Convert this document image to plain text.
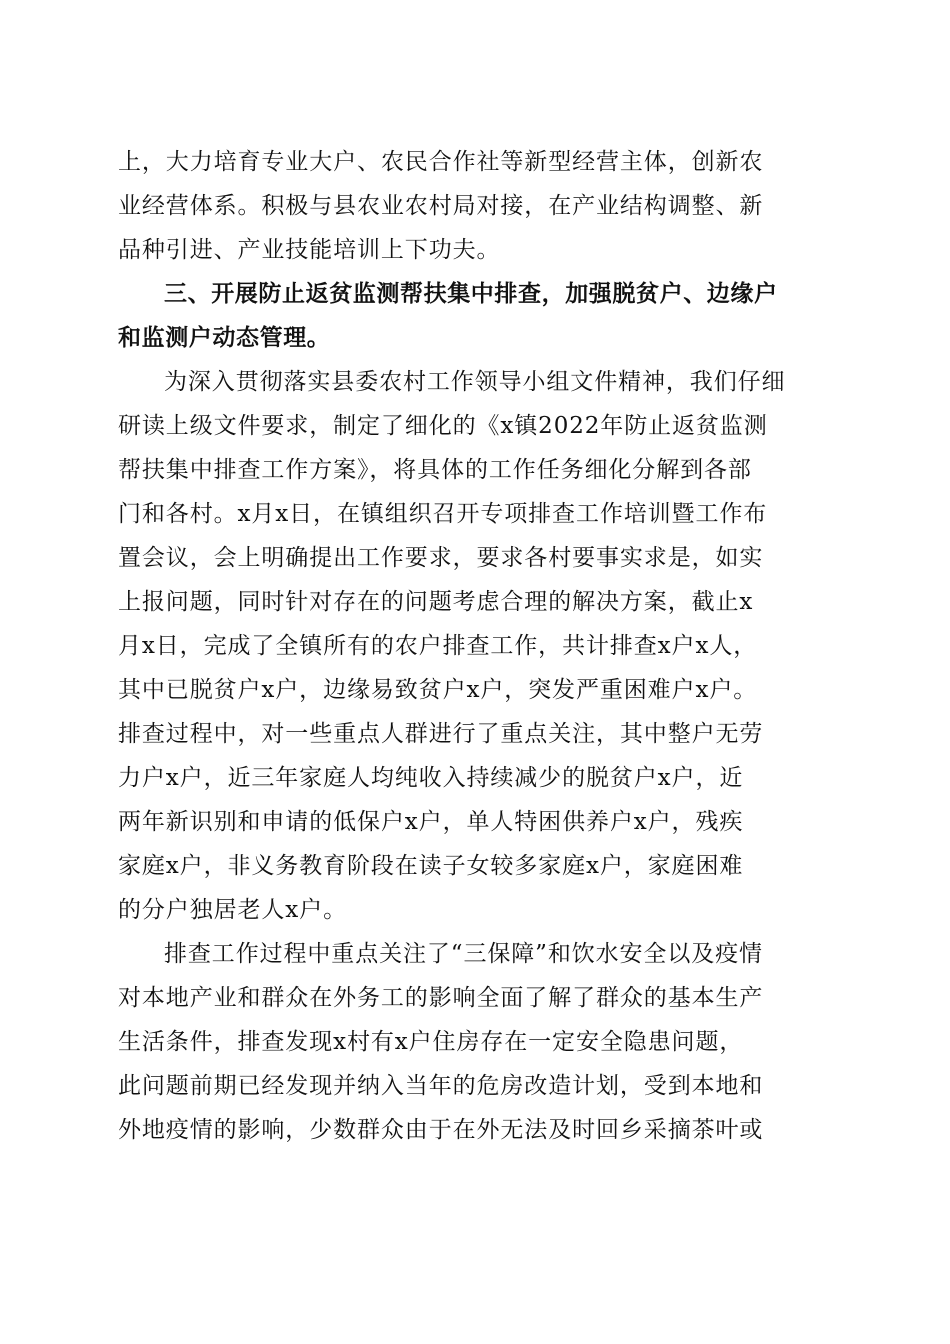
上，大力培育专业大户、农民合作社等新型经营主体，创新农
业经营体系。积极与县农业农村局对接，在产业结构调整、新
品种引进、产业技能培训上下功夫。
三、开展防止返贫监测帮扶集中排查，加强脱贫户、边缘户
和监测户动态管理。
为深入贯彻落实县委农村工作领导小组文件精神，我们仔细
研读上级文件要求，制定了细化的《x镇2022年防止返贫监测
帮扶集中排查工作方案》，将具体的工作任务细化分解到各部
门和各村。x月x日，在镇组织召开专项排查工作培训暨工作布
置会议，会上明确提出工作要求，要求各村要事实求是，如实
上报问题，同时针对存在的问题考虑合理的解决方案，截止x
月x日，完成了全镇所有的农户排查工作，共计排查x户x人，
其中已脱贫户x户，边缘易致贫户x户，突发严重困难户x户。
排查过程中，对一些重点人群进行了重点关注，其中整户无劳
力户x户，近三年家庭人均纯收入持续减少的脱贫户x户，近
两年新识别和申请的低保户x户，单人特困供养户x户，残疾
家庭x户，非义务教育阶段在读子女较多家庭x户，家庭困难
的分户独居老人x户。
排查工作过程中重点关注了“三保障”和饮水安全以及疫情
对本地产业和群众在外务工的影响全面了解了群众的基本生产
生活条件，排查发现x村有x户住房存在一定安全隐患问题，
此问题前期已经发现并纳入当年的危房改造计划，受到本地和
外地疫情的影响，少数群众由于在外无法及时回乡采摘茶叶或
